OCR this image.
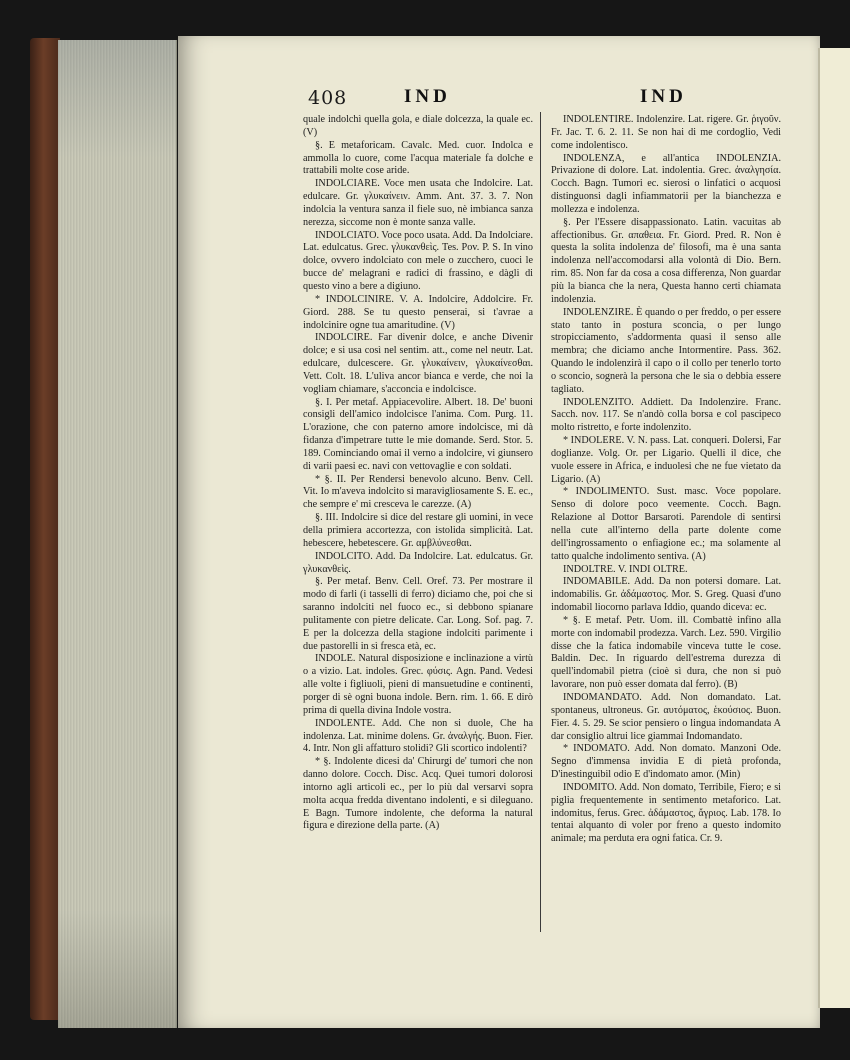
408	IND	IND

quale indolchì quella gola, e diale dolcezza, la quale ec. (V)

§. E metaforicam. Cavalc. Med. cuor. Indolca e ammolla lo cuore, come l'acqua materiale fa dolche e trattabili molte cose aride.

INDOLCIARE. Voce men usata che Indolcire. Lat. edulcare. Gr. γλυκαίνειν. Amm. Ant. 37. 3. 7. Non indolcia la ventura sanza il fiele suo, nè imbianca sanza nerezza, siccome non è monte sanza valle.

INDOLCIATO. Voce poco usata. Add. Da Indolciare. Lat. edulcatus. Grec. γλυκανθεὶς. Tes. Pov. P. S. In vino dolce, ovvero indolciato con mele o zucchero, cuoci le bucce de' melagrani e radici di frassino, e dàgli di questo vino a bere a digiuno.

* INDOLCINIRE. V. A. Indolcire, Addolcire. Fr. Giord. 288. Se tu questo penserai, si t'avrae a indolcinire ogne tua amaritudine. (V)

INDOLCIRE. Far divenir dolce, e anche Divenir dolce; e si usa così nel sentim. att., come nel neutr. Lat. edulcare, dulcescere. Gr. γλυκαίνειν, γλυκαίνεσθαι. Vett. Colt. 18. L'uliva ancor bianca e verde, che noi la vogliam chiamare, s'acconcia e indolcisce.

§. I. Per metaf. Appiacevolire. Albert. 18. De' buoni consigli dell'amico indolcisce l'anima. Com. Purg. 11. L'orazione, che con paterno amore indolcisce, mi dà fidanza d'impetrare tutte le mie domande. Serd. Stor. 5. 189. Cominciando omai il verno a indolcire, vi giunsero di varii paesi ec. navi con vettovaglie e con soldati.

* §. II. Per Rendersi benevolo alcuno. Benv. Cell. Vit. Io m'aveva indolcito si maravigliosamente S. E. ec., che sempre e' mi cresceva le carezze. (A)

§. III. Indolcire si dice del restare gli uomini, in vece della primiera accortezza, con istolida simplicità. Lat. hebescere, hebetescere. Gr. αμβλύνεσθαι.

INDOLCITO. Add. Da Indolcire. Lat. edulcatus. Gr. γλυκανθεὶς.

§. Per metaf. Benv. Cell. Oref. 73. Per mostrare il modo di farli (i tasselli di ferro) diciamo che, poi che si saranno indolciti nel fuoco ec., si debbono spianare pulitamente con pietre delicate. Car. Long. Sof. pag. 7. E per la dolcezza della stagione indolciti parimente i due pastorelli in sì fresca età, ec.

INDOLE. Natural disposizione e inclinazione a virtù o a vizio. Lat. indoles. Grec. φύσις. Agn. Pand. Vedesi alle volte i figliuoli, pieni di mansuetudine e continenti, porger di sè ogni buona indole. Bern. rim. 1. 66. E dirò prima di quella divina Indole vostra.

INDOLENTE. Add. Che non si duole, Che ha indolenza. Lat. minime dolens. Gr. ἀναλγής. Buon. Fier. 4. Intr. Non gli affatturo stolidi? Gli scortico indolenti?

* §. Indolente dicesi da' Chirurgi de' tumori che non danno dolore. Cocch. Disc. Acq. Quei tumori dolorosi intorno agli articoli ec., per lo più dal versarvi sopra molta acqua fredda diventano indolenti, e si dileguano. E Bagn. Tumore indolente, che deforma la natural figura e direzione della parte. (A)

INDOLENTIRE. Indolenzire. Lat. rigere. Gr. ῥιγοῦν. Fr. Jac. T. 6. 2. 11. Se non hai di me cordoglio, Vedi come indolentisco.

INDOLENZA, e all'antica INDOLENZIA. Privazione di dolore. Lat. indolentia. Grec. ἀναλγησία. Cocch. Bagn. Tumori ec. sierosi o linfatici o acquosi distinguonsi dagli infiammatorii per la bianchezza e mollezza e indolenza.

§. Per l'Essere disappassionato. Latin. vacuitas ab affectionibus. Gr. απαθεια. Fr. Giord. Pred. R. Non è questa la solita indolenza de' filosofi, ma è una santa indolenza nell'accomodarsi alla volontà di Dio. Bern. rim. 85. Non far da cosa a cosa differenza, Non guardar più la bianca che la nera, Questa hanno certi chiamata indolenzia.

INDOLENZIRE. È quando o per freddo, o per essere stato tanto in postura sconcia, o per lungo stropicciamento, s'addormenta quasi il senso alle membra; che diciamo anche Intormentire. Pass. 362. Quando le indolenzirà il capo o il collo per tenerlo torto o sconcio, sognerà la persona che le sia o debbia essere tagliato.

INDOLENZITO. Addiett. Da Indolenzire. Franc. Sacch. nov. 117. Se n'andò colla borsa e col pascipeco molto ristretto, e forte indolenzito.

* INDOLERE. V. N. pass. Lat. conqueri. Dolersi, Far doglianze. Volg. Or. per Ligario. Quelli il dice, che vuole essere in Africa, e induolesi che ne fue vietato da Ligario. (A)

* INDOLIMENTO. Sust. masc. Voce popolare. Senso di dolore poco veemente. Cocch. Bagn. Relazione al Dottor Barsaroti. Parendole di sentirsi nella cute all'interno della parte dolente come dell'ingrossamento o enfiagione ec.; ma solamente al tatto qualche indolimento sentiva. (A)

INDOLTRE. V. INDI OLTRE.

INDOMABILE. Add. Da non potersi domare. Lat. indomabilis. Gr. ἀδάμαστος. Mor. S. Greg. Quasi d'uno indomabil liocorno parlava Iddio, quando diceva: ec.

* §. E metaf. Petr. Uom. ill. Combattè infino alla morte con indomabil prodezza. Varch. Lez. 590. Virgilio disse che la fatica indomabile vinceva tutte le cose. Baldin. Dec. In riguardo dell'estrema durezza di quell'indomabil pietra (cioè sì dura, che non si può lavorare, non può esser domata dal ferro). (B)

INDOMANDATO. Add. Non domandato. Lat. spontaneus, ultroneus. Gr. αυτόματος, ἑκούσιος. Buon. Fier. 4. 5. 29. Se scior pensiero o lingua indomandata A dar consiglio altrui lice giammai Indomandato.

* INDOMATO. Add. Non domato. Manzoni Ode. Segno d'immensa invidia E di pietà profonda, D'inestinguibil odio E d'indomato amor. (Min)

INDOMITO. Add. Non domato, Terribile, Fiero; e si piglia frequentemente in sentimento metaforico. Lat. indomitus, ferus. Grec. ἀδάμαστος, ἄγριος. Lab. 178. Io tentai alquanto di voler por freno a questo indomito animale; ma perduta era ogni fatica. Cr. 9.
